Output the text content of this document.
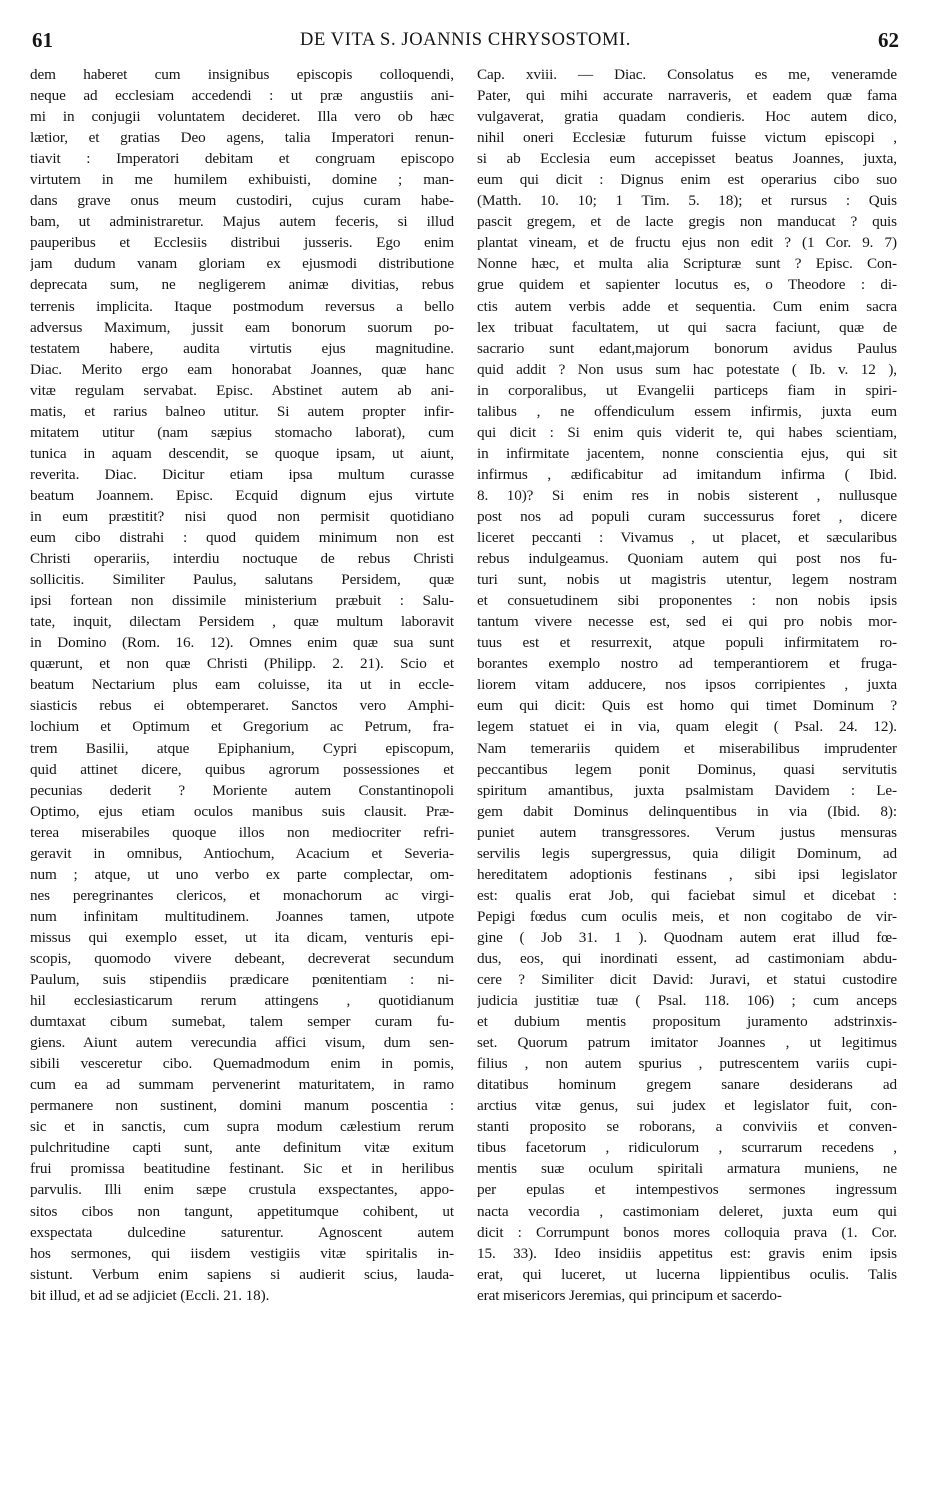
61	DE VITA S. JOANNIS CHRYSOSTOMI.	62
dem haberet cum insignibus episcopis colloquendi,
neque ad ecclesiam accedendi : ut præ angustiis ani-
mi in conjugii voluntatem decideret. Illa vero ob hæc
lætior, et gratias Deo agens, talia Imperatori renun-
tiavit : Imperatori debitam et congruam episcopo
virtutem in me humilem exhibuisti, domine ; man-
dans grave onus meum custodiri, cujus curam habe-
bam, ut administraretur. Majus autem feceris, si illud
pauperibus et Ecclesiis distribui jusseris. Ego enim
jam dudum vanam gloriam ex ejusmodi distributione
deprecata sum, ne negligerem animæ divitias, rebus
terrenis implicita. Itaque postmodum reversus a bello
adversus Maximum, jussit eam bonorum suorum po-
testatem habere, audita virtutis ejus magnitudine.
Diac. Merito ergo eam honorabat Joannes, quæ hanc
vitæ regulam servabat. Episc. Abstinet autem ab ani-
matis, et rarius balneo utitur. Si autem propter infir-
mitatem utitur (nam sæpius stomacho laborat), cum
tunica in aquam descendit, se quoque ipsam, ut aiunt,
reverita. Diac. Dicitur etiam ipsa multum curasse
beatum Joannem. Episc. Ecquid dignum ejus virtute
in eum præstitit? nisi quod non permisit quotidiano
eum cibo distrahi : quod quidem minimum non est
Christi operariis, interdiu noctuque de rebus Christi
sollicitis. Similiter Paulus, salutans Persidem, quæ
ipsi fortean non dissimile ministerium præbuit : Salu-
tate, inquit, dilectam Persidem , quæ multum laboravit
in Domino (Rom. 16. 12). Omnes enim quæ sua sunt
quærunt, et non quæ Christi (Philipp. 2. 21). Scio et
beatum Nectarium plus eam coluisse, ita ut in eccle-
siasticis rebus ei obtemperaret. Sanctos vero Amphi-
lochium et Optimum et Gregorium ac Petrum, fra-
trem Basilii, atque Epiphanium, Cypri episcopum,
quid attinet dicere, quibus agrorum possessiones et
pecunias dederit ? Moriente autem Constantinopoli
Optimo, ejus etiam oculos manibus suis clausit. Præ-
terea miserabiles quoque illos non mediocriter refri-
geravit in omnibus, Antiochum, Acacium et Severia-
num ; atque, ut uno verbo ex parte complectar, om-
nes peregrinantes clericos, et monachorum ac virgi-
num infinitam multitudinem. Joannes tamen, utpote
missus qui exemplo esset, ut ita dicam, venturis epi-
scopis, quomodo vivere debeant, decreverat secundum
Paulum, suis stipendiis prædicare pœnitentiam : ni-
hil ecclesiasticarum rerum attingens , quotidianum
dumtaxat cibum sumebat, talem semper curam fu-
giens. Aiunt autem verecundia affici visum, dum sen-
sibili vesceretur cibo. Quemadmodum enim in pomis,
cum ea ad summam pervenerint maturitatem, in ramo
permanere non sustinent, domini manum poscentia :
sic et in sanctis, cum supra modum cælestium rerum
pulchritudine capti sunt, ante definitum vitæ exitum
frui promissa beatitudine festinant. Sic et in herilibus
parvulis. Illi enim sæpe crustula exspectantes, appo-
sitos cibos non tangunt, appetitumque cohibent, ut
exspectata dulcedine saturentur. Agnoscent autem
hos sermones, qui iisdem vestigiis vitæ spiritalis in-
sistunt. Verbum enim sapiens si audierit scius, lauda-
bit illud, et ad se adjiciet (Eccli. 21. 18).
Cap. xviii. — Diac. Consolatus es me, veneramde
Pater, qui mihi accurate narraveris, et eadem quæ fama
vulgaverat, gratia quadam condieris. Hoc autem dico,
nihil oneri Ecclesiæ futurum fuisse victum episcopi ,
si ab Ecclesia eum accepisset beatus Joannes, juxta,
eum qui dicit : Dignus enim est operarius cibo suo
(Matth. 10. 10; 1 Tim. 5. 18); et rursus : Quis
pascit gregem, et de lacte gregis non manducat ? quis
plantat vineam, et de fructu ejus non edit ? (1 Cor. 9. 7)
Nonne hæc, et multa alia Scripturæ sunt ? Episc. Con-
grue quidem et sapienter locutus es, o Theodore : di-
ctis autem verbis adde et sequentia. Cum enim sacra
lex tribuat facultatem, ut qui sacra faciunt, quæ de
sacrario sunt edant,majorum bonorum avidus Paulus
quid addit ? Non usus sum hac potestate ( Ib. v. 12 ),
in corporalibus, ut Evangelii particeps fiam in spiri-
talibus , ne offendiculum essem infirmis, juxta eum
qui dicit : Si enim quis viderit te, qui habes scientiam,
in infirmitate jacentem, nonne conscientia ejus, qui sit
infirmus , ædificabitur ad imitandum infirma ( Ibid.
8. 10)? Si enim res in nobis sisterent , nullusque
post nos ad populi curam successurus foret , dicere
liceret peccanti : Vivamus , ut placet, et sæcularibus
rebus indulgeamus. Quoniam autem qui post nos fu-
turi sunt, nobis ut magistris utentur, legem nostram
et consuetudinem sibi proponentes : non nobis ipsis
tantum vivere necesse est, sed ei qui pro nobis mor-
tuus est et resurrexit, atque populi infirmitatem ro-
borantes exemplo nostro ad temperantiorem et fruga-
liorem vitam adducere, nos ipsos corripientes , juxta
eum qui dicit: Quis est homo qui timet Dominum ?
legem statuet ei in via, quam elegit ( Psal. 24. 12).
Nam temerariis quidem et miserabilibus imprudenter
peccantibus legem ponit Dominus, quasi servitutis
spiritum amantibus, juxta psalmistam Davidem : Le-
gem dabit Dominus delinquentibus in via (Ibid. 8):
puniet autem transgressores. Verum justus mensuras
servilis legis supergressus, quia diligit Dominum, ad
hereditatem adoptionis festinans , sibi ipsi legislator
est: qualis erat Job, qui faciebat simul et dicebat :
Pepigi fœdus cum oculis meis, et non cogitabo de vir-
gine ( Job 31. 1 ). Quodnam autem erat illud fœ-
dus, eos, qui inordinati essent, ad castimoniam abdu-
cere ? Similiter dicit David: Juravi, et statui custodire
judicia justitiæ tuæ ( Psal. 118. 106) ; cum anceps
et dubium mentis propositum juramento adstrinxis-
set. Quorum patrum imitator Joannes , ut legitimus
filius , non autem spurius , putrescentem variis cupi-
ditatibus hominum gregem sanare desiderans ad
arctius vitæ genus, sui judex et legislator fuit, con-
stanti proposito se roborans, a conviviis et conven-
tibus facetorum , ridiculorum , scurrarum recedens ,
mentis suæ oculum spiritali armatura muniens, ne
per epulas et intempestivos sermones ingressum
nacta vecordia , castimoniam deleret, juxta eum qui
dicit : Corrumpunt bonos mores colloquia prava (1. Cor.
15. 33). Ideo insidiis appetitus est: gravis enim ipsis
erat, qui luceret, ut lucerna lippientibus oculis. Talis
erat misericors Jeremias, qui principum et sacerdo-
